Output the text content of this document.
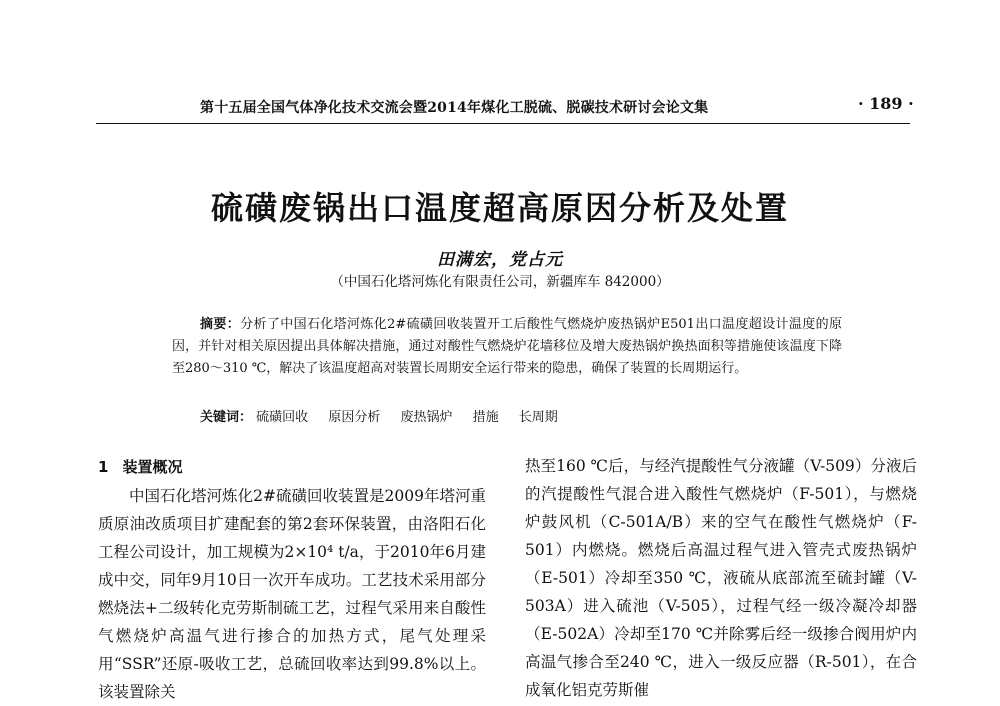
第十五届全国气体净化技术交流会暨2014年煤化工脱硫、脱碳技术研讨会论文集	· 189 ·
硫磺废锅出口温度超高原因分析及处置
田满宏，党占元
（中国石化塔河炼化有限责任公司，新疆库车 842000）
摘要：分析了中国石化塔河炼化2#硫磺回收装置开工后酸性气燃烧炉废热锅炉E501出口温度超设计温度的原因，并针对相关原因提出具体解决措施，通过对酸性气燃烧炉花墙移位及增大废热锅炉换热面积等措施使该温度下降至280～310 ℃，解决了该温度超高对装置长周期安全运行带来的隐患，确保了装置的长周期运行。
关键词： 硫磺回收 原因分析 废热锅炉 措施 长周期
1 装置概况
中国石化塔河炼化2#硫磺回收装置是2009年塔河重质原油改质项目扩建配套的第2套环保装置，由洛阳石化工程公司设计，加工规模为2×10⁴ t/a，于2010年6月建成中交，同年9月10日一次开车成功。工艺技术采用部分燃烧法+二级转化克劳斯制硫工艺，过程气采用来自酸性气燃烧炉高温气进行掺合的加热方式，尾气处理采用“SSR”还原-吸收工艺，总硫回收率达到99.8%以上。该装置除关
热至160 ℃后，与经汽提酸性气分液罐（V-509）分液后的汽提酸性气混合进入酸性气燃烧炉（F-501），与燃烧炉鼓风机（C-501A/B）来的空气在酸性气燃烧炉（F-501）内燃烧。燃烧后高温过程气进入管壳式废热锅炉（E-501）冷却至350 ℃，液硫从底部流至硫封罐（V-503A）进入硫池（V-505），过程气经一级冷凝冷却器（E-502A）冷却至170 ℃并除雾后经一级掺合阀用炉内高温气掺合至240 ℃，进入一级反应器（R-501），在合成氧化铝克劳斯催
